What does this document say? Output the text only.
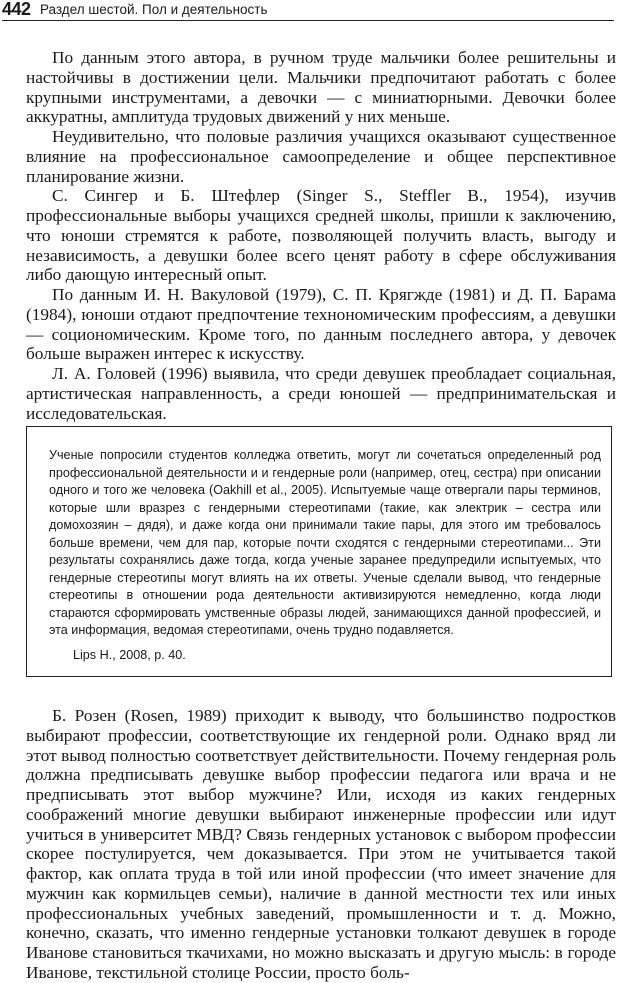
442 Раздел шестой. Пол и деятельность

По данным этого автора, в ручном труде мальчики более решительны и настойчивы в достижении цели. Мальчики предпочитают работать с более крупными инструментами, а девочки — с миниатюрными. Девочки более аккуратны, амплитуда трудовых движений у них меньше.

Неудивительно, что половые различия учащихся оказывают существенное влияние на профессиональное самоопределение и общее перспективное планирование жизни.

С. Сингер и Б. Штефлер (Singer S., Steffler B., 1954), изучив профессиональные выборы учащихся средней школы, пришли к заключению, что юноши стремятся к работе, позволяющей получить власть, выгоду и независимость, а девушки более всего ценят работу в сфере обслуживания либо дающую интересный опыт.

По данным И. Н. Вакуловой (1979), С. П. Крягжде (1981) и Д. П. Барама (1984), юноши отдают предпочтение технономическим профессиям, а девушки — социономическим. Кроме того, по данным последнего автора, у девочек больше выражен интерес к искусству.

Л. А. Головей (1996) выявила, что среди девушек преобладает социальная, артистическая направленность, а среди юношей — предпринимательская и исследовательская.

Ученые попросили студентов колледжа ответить, могут ли сочетаться определенный род профессиональной деятельности и и гендерные роли (например, отец, сестра) при описании одного и того же человека (Oakhill et al., 2005). Испытуемые чаще отвергали пары терминов, которые шли вразрез с гендерными стереотипами (такие, как электрик – сестра или домохозяин – дядя), и даже когда они принимали такие пары, для этого им требовалось больше времени, чем для пар, которые почти сходятся с гендерными стереотипами... Эти результаты сохранялись даже тогда, когда ученые заранее предупредили испытуемых, что гендерные стереотипы могут влиять на их ответы. Ученые сделали вывод, что гендерные стереотипы в отношении рода деятельности активизируются немедленно, когда люди стараются сформировать умственные образы людей, занимающихся данной профессией, и эта информация, ведомая стереотипами, очень трудно подавляется.

Lips H., 2008, p. 40.

Б. Розен (Rosen, 1989) приходит к выводу, что большинство подростков выбирают профессии, соответствующие их гендерной роли. Однако вряд ли этот вывод полностью соответствует действительности. Почему гендерная роль должна предписывать девушке выбор профессии педагога или врача и не предписывать этот выбор мужчине? Или, исходя из каких гендерных соображений многие девушки выбирают инженерные профессии или идут учиться в университет МВД? Связь гендерных установок с выбором профессии скорее постулируется, чем доказывается. При этом не учитывается такой фактор, как оплата труда в той или иной профессии (что имеет значение для мужчин как кормильцев семьи), наличие в данной местности тех или иных профессиональных учебных заведений, промышленности и т. д. Можно, конечно, сказать, что именно гендерные установки толкают девушек в городе Иванове становиться ткачихами, но можно высказать и другую мысль: в городе Иванове, текстильной столице России, просто боль-
